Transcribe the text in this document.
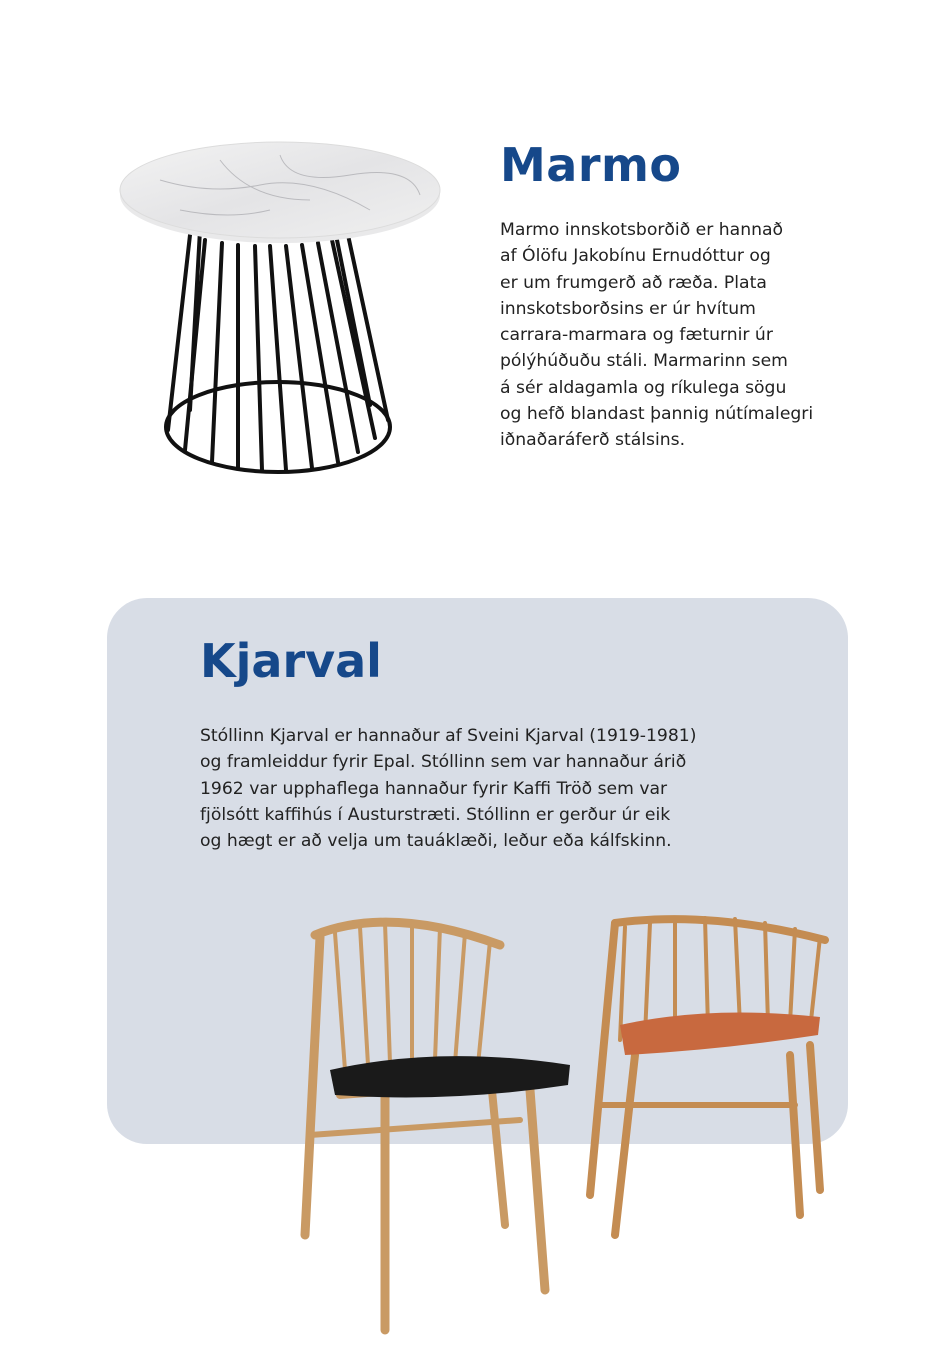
Marmo

Marmo innskotsborðið er hannað
af Ólöfu Jakobínu Ernudóttur og
er um frumgerð að ræða. Plata
innskotsborðsins er úr hvítum
carrara-marmara og fæturnir úr
pólýhúðuðu stáli. Marmarinn sem
á sér aldagamla og ríkulega sögu
og hefð blandast þannig nútímalegri
iðnaðaráferð stálsins.

Kjarval

Stóllinn Kjarval er hannaður af Sveini Kjarval (1919-1981)
og framleiddur fyrir Epal. Stóllinn sem var hannaður árið
1962 var upphaflega hannaður fyrir Kaffi Tröð sem var
fjölsótt kaffihús í Austurstræti. Stóllinn er gerður úr eik
og hægt er að velja um tauáklæði, leður eða kálfskinn.
